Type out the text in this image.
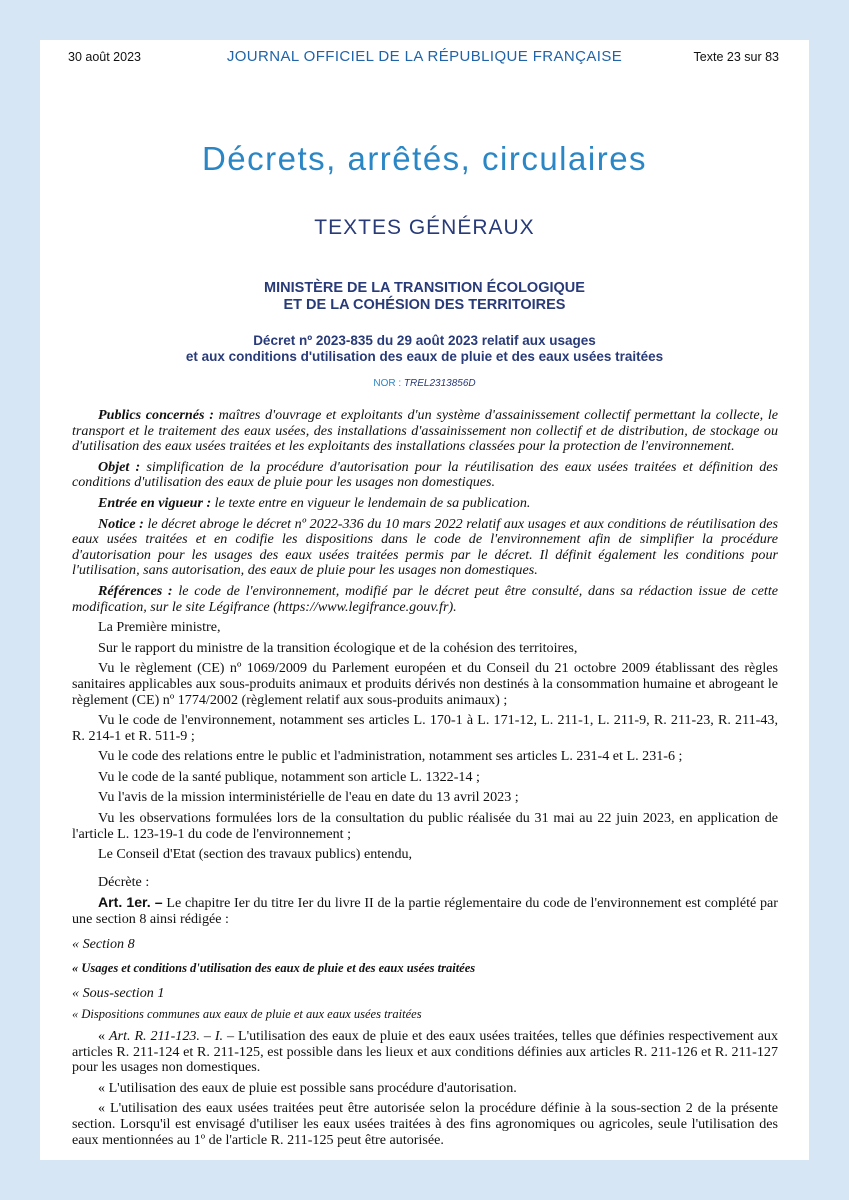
30 août 2023	JOURNAL OFFICIEL DE LA RÉPUBLIQUE FRANÇAISE	Texte 23 sur 83
Décrets, arrêtés, circulaires
TEXTES GÉNÉRAUX
MINISTÈRE DE LA TRANSITION ÉCOLOGIQUE
ET DE LA COHÉSION DES TERRITOIRES
Décret nº 2023-835 du 29 août 2023 relatif aux usages
et aux conditions d'utilisation des eaux de pluie et des eaux usées traitées
NOR : TREL2313856D

Publics concernés : maîtres d'ouvrage et exploitants d'un système d'assainissement collectif permettant la collecte, le transport et le traitement des eaux usées, des installations d'assainissement non collectif et de distribution, de stockage ou d'utilisation des eaux usées traitées et les exploitants des installations classées pour la protection de l'environnement.

Objet : simplification de la procédure d'autorisation pour la réutilisation des eaux usées traitées et définition des conditions d'utilisation des eaux de pluie pour les usages non domestiques.

Entrée en vigueur : le texte entre en vigueur le lendemain de sa publication.

Notice : le décret abroge le décret nº 2022-336 du 10 mars 2022 relatif aux usages et aux conditions de réutilisation des eaux usées traitées et en codifie les dispositions dans le code de l'environnement afin de simplifier la procédure d'autorisation pour les usages des eaux usées traitées permis par le décret. Il définit également les conditions pour l'utilisation, sans autorisation, des eaux de pluie pour les usages non domestiques.

Références : le code de l'environnement, modifié par le décret peut être consulté, dans sa rédaction issue de cette modification, sur le site Légifrance (https://www.legifrance.gouv.fr).

La Première ministre,

Sur le rapport du ministre de la transition écologique et de la cohésion des territoires,

Vu le règlement (CE) nº 1069/2009 du Parlement européen et du Conseil du 21 octobre 2009 établissant des règles sanitaires applicables aux sous-produits animaux et produits dérivés non destinés à la consommation humaine et abrogeant le règlement (CE) nº 1774/2002 (règlement relatif aux sous-produits animaux) ;

Vu le code de l'environnement, notamment ses articles L. 170-1 à L. 171-12, L. 211-1, L. 211-9, R. 211-23, R. 211-43, R. 214-1 et R. 511-9 ;

Vu le code des relations entre le public et l'administration, notamment ses articles L. 231-4 et L. 231-6 ;

Vu le code de la santé publique, notamment son article L. 1322-14 ;

Vu l'avis de la mission interministérielle de l'eau en date du 13 avril 2023 ;

Vu les observations formulées lors de la consultation du public réalisée du 31 mai au 22 juin 2023, en application de l'article L. 123-19-1 du code de l'environnement ;

Le Conseil d'Etat (section des travaux publics) entendu,

Décrète :

Art. 1er. – Le chapitre Ier du titre Ier du livre II de la partie réglementaire du code de l'environnement est complété par une section 8 ainsi rédigée :

« Section 8

« Usages et conditions d'utilisation des eaux de pluie et des eaux usées traitées

« Sous-section 1

« Dispositions communes aux eaux de pluie et aux eaux usées traitées

« Art. R. 211-123. – I. – L'utilisation des eaux de pluie et des eaux usées traitées, telles que définies respectivement aux articles R. 211-124 et R. 211-125, est possible dans les lieux et aux conditions définies aux articles R. 211-126 et R. 211-127 pour les usages non domestiques.

« L'utilisation des eaux de pluie est possible sans procédure d'autorisation.

« L'utilisation des eaux usées traitées peut être autorisée selon la procédure définie à la sous-section 2 de la présente section. Lorsqu'il est envisagé d'utiliser les eaux usées traitées à des fins agronomiques ou agricoles, seule l'utilisation des eaux mentionnées au 1º de l'article R. 211-125 peut être autorisée.
